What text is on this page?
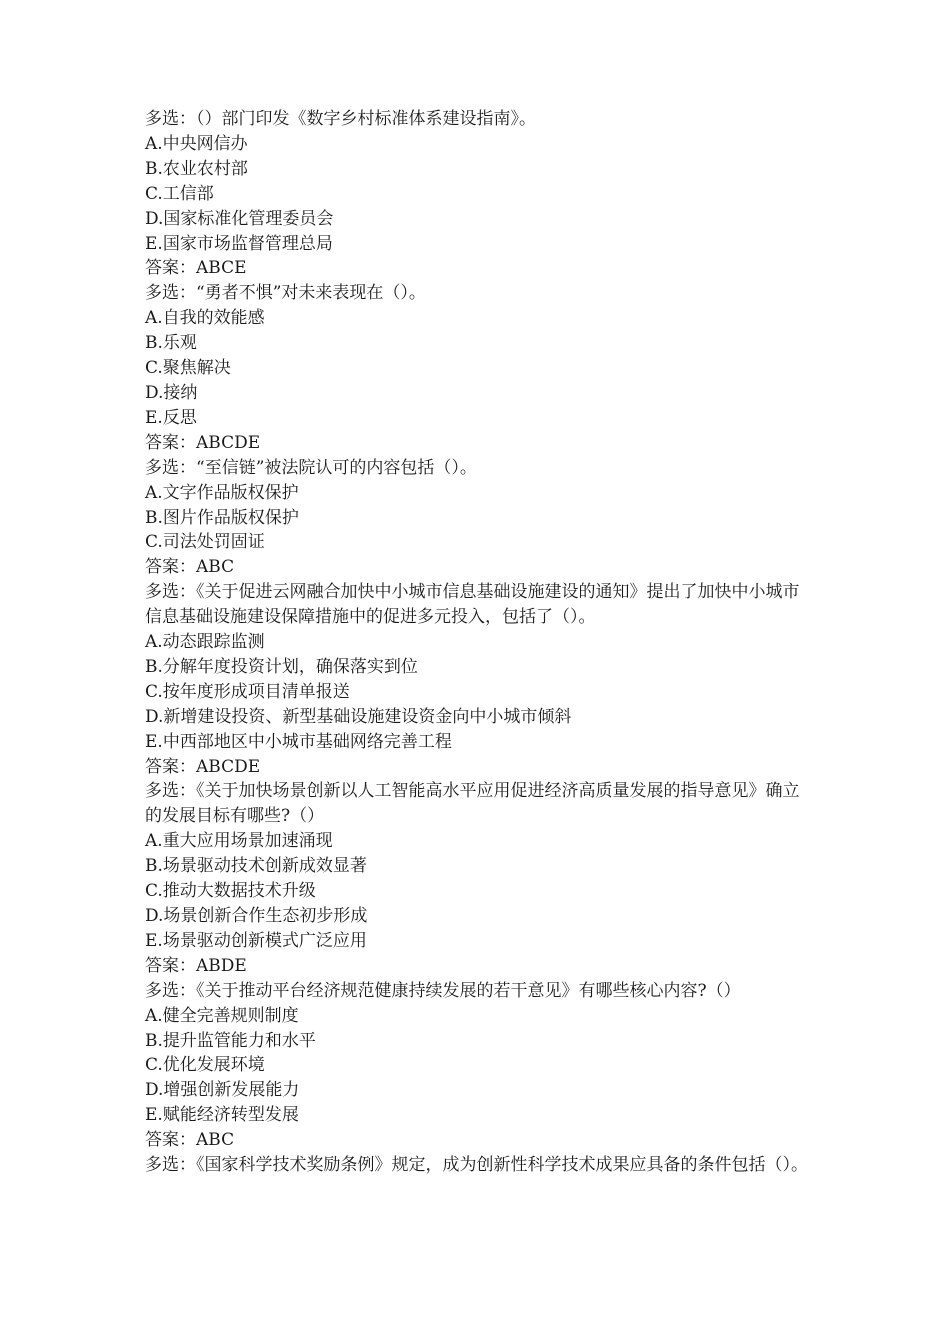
多选：（）部门印发《数字乡村标准体系建设指南》。

A.中央网信办

B.农业农村部

C.工信部

D.国家标准化管理委员会

E.国家市场监督管理总局

答案：ABCE

多选：“勇者不惧”对未来表现在（）。

A.自我的效能感

B.乐观

C.聚焦解决

D.接纳

E.反思

答案：ABCDE

多选：“至信链”被法院认可的内容包括（）。

A.文字作品版权保护

B.图片作品版权保护

C.司法处罚固证

答案：ABC

多选：《关于促进云网融合加快中小城市信息基础设施建设的通知》提出了加快中小城市信息基础设施建设保障措施中的促进多元投入，包括了（）。

A.动态跟踪监测

B.分解年度投资计划，确保落实到位

C.按年度形成项目清单报送

D.新增建设投资、新型基础设施建设资金向中小城市倾斜

E.中西部地区中小城市基础网络完善工程

答案：ABCDE

多选：《关于加快场景创新以人工智能高水平应用促进经济高质量发展的指导意见》确立的发展目标有哪些?（）

A.重大应用场景加速涌现

B.场景驱动技术创新成效显著

C.推动大数据技术升级

D.场景创新合作生态初步形成

E.场景驱动创新模式广泛应用

答案：ABDE

多选：《关于推动平台经济规范健康持续发展的若干意见》有哪些核心内容?（）

A.健全完善规则制度

B.提升监管能力和水平

C.优化发展环境

D.增强创新发展能力

E.赋能经济转型发展

答案：ABC

多选：《国家科学技术奖励条例》规定，成为创新性科学技术成果应具备的条件包括（）。
